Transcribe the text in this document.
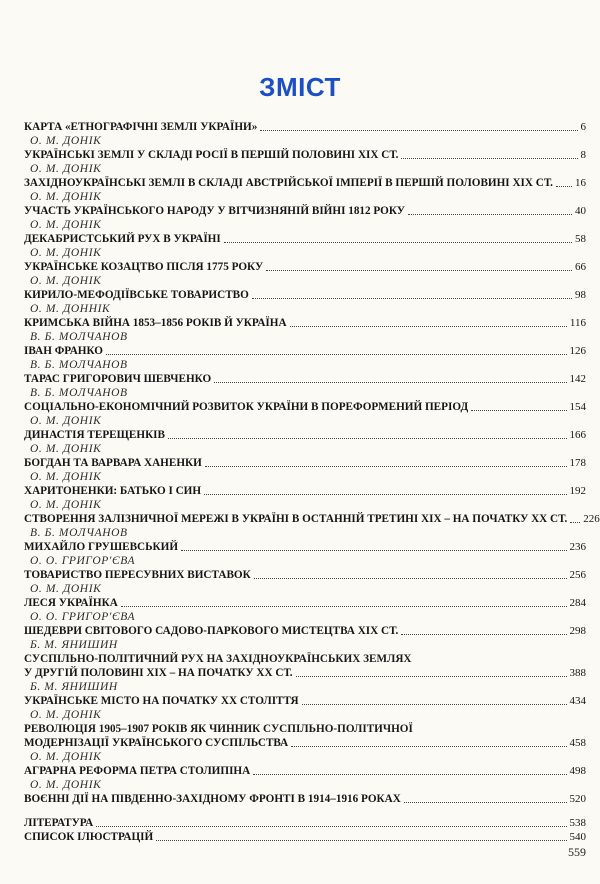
ЗМІСТ
КАРТА «ЕТНОГРАФІЧНІ ЗЕМЛІ УКРАЇНИ»	6
О. М. ДОНІК
УКРАЇНСЬКІ ЗЕМЛІ У СКЛАДІ РОСІЇ В ПЕРШІЙ ПОЛОВИНІ XIX СТ.	8
О. М. ДОНІК
ЗАХІДНОУКРАЇНСЬКІ ЗЕМЛІ В СКЛАДІ АВСТРІЙСЬКОЇ ІМПЕРІЇ В ПЕРШІЙ ПОЛОВИНІ XIX СТ. 16
О. М. ДОНІК
УЧАСТЬ УКРАЇНСЬКОГО НАРОДУ У ВІТЧИЗНЯНІЙ ВІЙНІ 1812 РОКУ	40
О. М. ДОНІК
ДЕКАБРИСТСЬКИЙ РУХ В УКРАЇНІ	58
О. М. ДОНІК
УКРАЇНСЬКЕ КОЗАЦТВО ПІСЛЯ 1775 РОКУ	66
О. М. ДОНІК
КИРИЛО-МЕФОДІЇВСЬКЕ ТОВАРИСТВО	98
О. М. ДОННІК
КРИМСЬКА ВІЙНА 1853–1856 РОКІВ Й УКРАЇНА	116
В. Б. МОЛЧАНОВ
ІВАН ФРАНКО	126
В. Б. МОЛЧАНОВ
ТАРАС ГРИГОРОВИЧ ШЕВЧЕНКО	142
В. Б. МОЛЧАНОВ
СОЦІАЛЬНО-ЕКОНОМІЧНИЙ РОЗВИТОК УКРАЇНИ В ПОРЕФОРМЕНИЙ ПЕРІОД	154
О. М. ДОНІК
ДИНАСТІЯ ТЕРЕЩЕНКІВ	166
О. М. ДОНІК
БОГДАН ТА ВАРВАРА ХАНЕНКИ	178
О. М. ДОНІК
ХАРИТОНЕНКИ: БАТЬКО І СИН	192
О. М. ДОНІК
СТВОРЕННЯ ЗАЛІЗНИЧНОЇ МЕРЕЖІ В УКРАЇНІ В ОСТАННІЙ ТРЕТИНІ XIX – НА ПОЧАТКУ XX СТ. 226
В. Б. МОЛЧАНОВ
МИХАЙЛО ГРУШЕВСЬКИЙ	236
О. О. ГРИГОР'ЄВА
ТОВАРИСТВО ПЕРЕСУВНИХ ВИСТАВОК	256
О. М. ДОНІК
ЛЕСЯ УКРАЇНКА	284
О. О. ГРИГОР'ЄВА
ШЕДЕВРИ СВІТОВОГО САДОВО-ПАРКОВОГО МИСТЕЦТВА XIX СТ.	298
Б. М. ЯНИШИН
СУСПІЛЬНО-ПОЛІТИЧНИЙ РУХ НА ЗАХІДНОУКРАЇНСЬКИХ ЗЕМЛЯХ
У ДРУГІЙ ПОЛОВИНІ XIX – НА ПОЧАТКУ XX СТ.	388
Б. М. ЯНИШИН
УКРАЇНСЬКЕ МІСТО НА ПОЧАТКУ XX СТОЛІТТЯ	434
О. М. ДОНІК
РЕВОЛЮЦІЯ 1905–1907 РОКІВ ЯК ЧИННИК СУСПІЛЬНО-ПОЛІТИЧНОЇ
МОДЕРНІЗАЦІЇ УКРАЇНСЬКОГО СУСПІЛЬСТВА	458
О. М. ДОНІК
АГРАРНА РЕФОРМА ПЕТРА СТОЛИПІНА	498
О. М. ДОНІК
ВОЄННІ ДІЇ НА ПІВДЕННО-ЗАХІДНОМУ ФРОНТІ В 1914–1916 РОКАХ	520
ЛІТЕРАТУРА	538
СПИСОК ІЛЮСТРАЦІЙ	540
559
